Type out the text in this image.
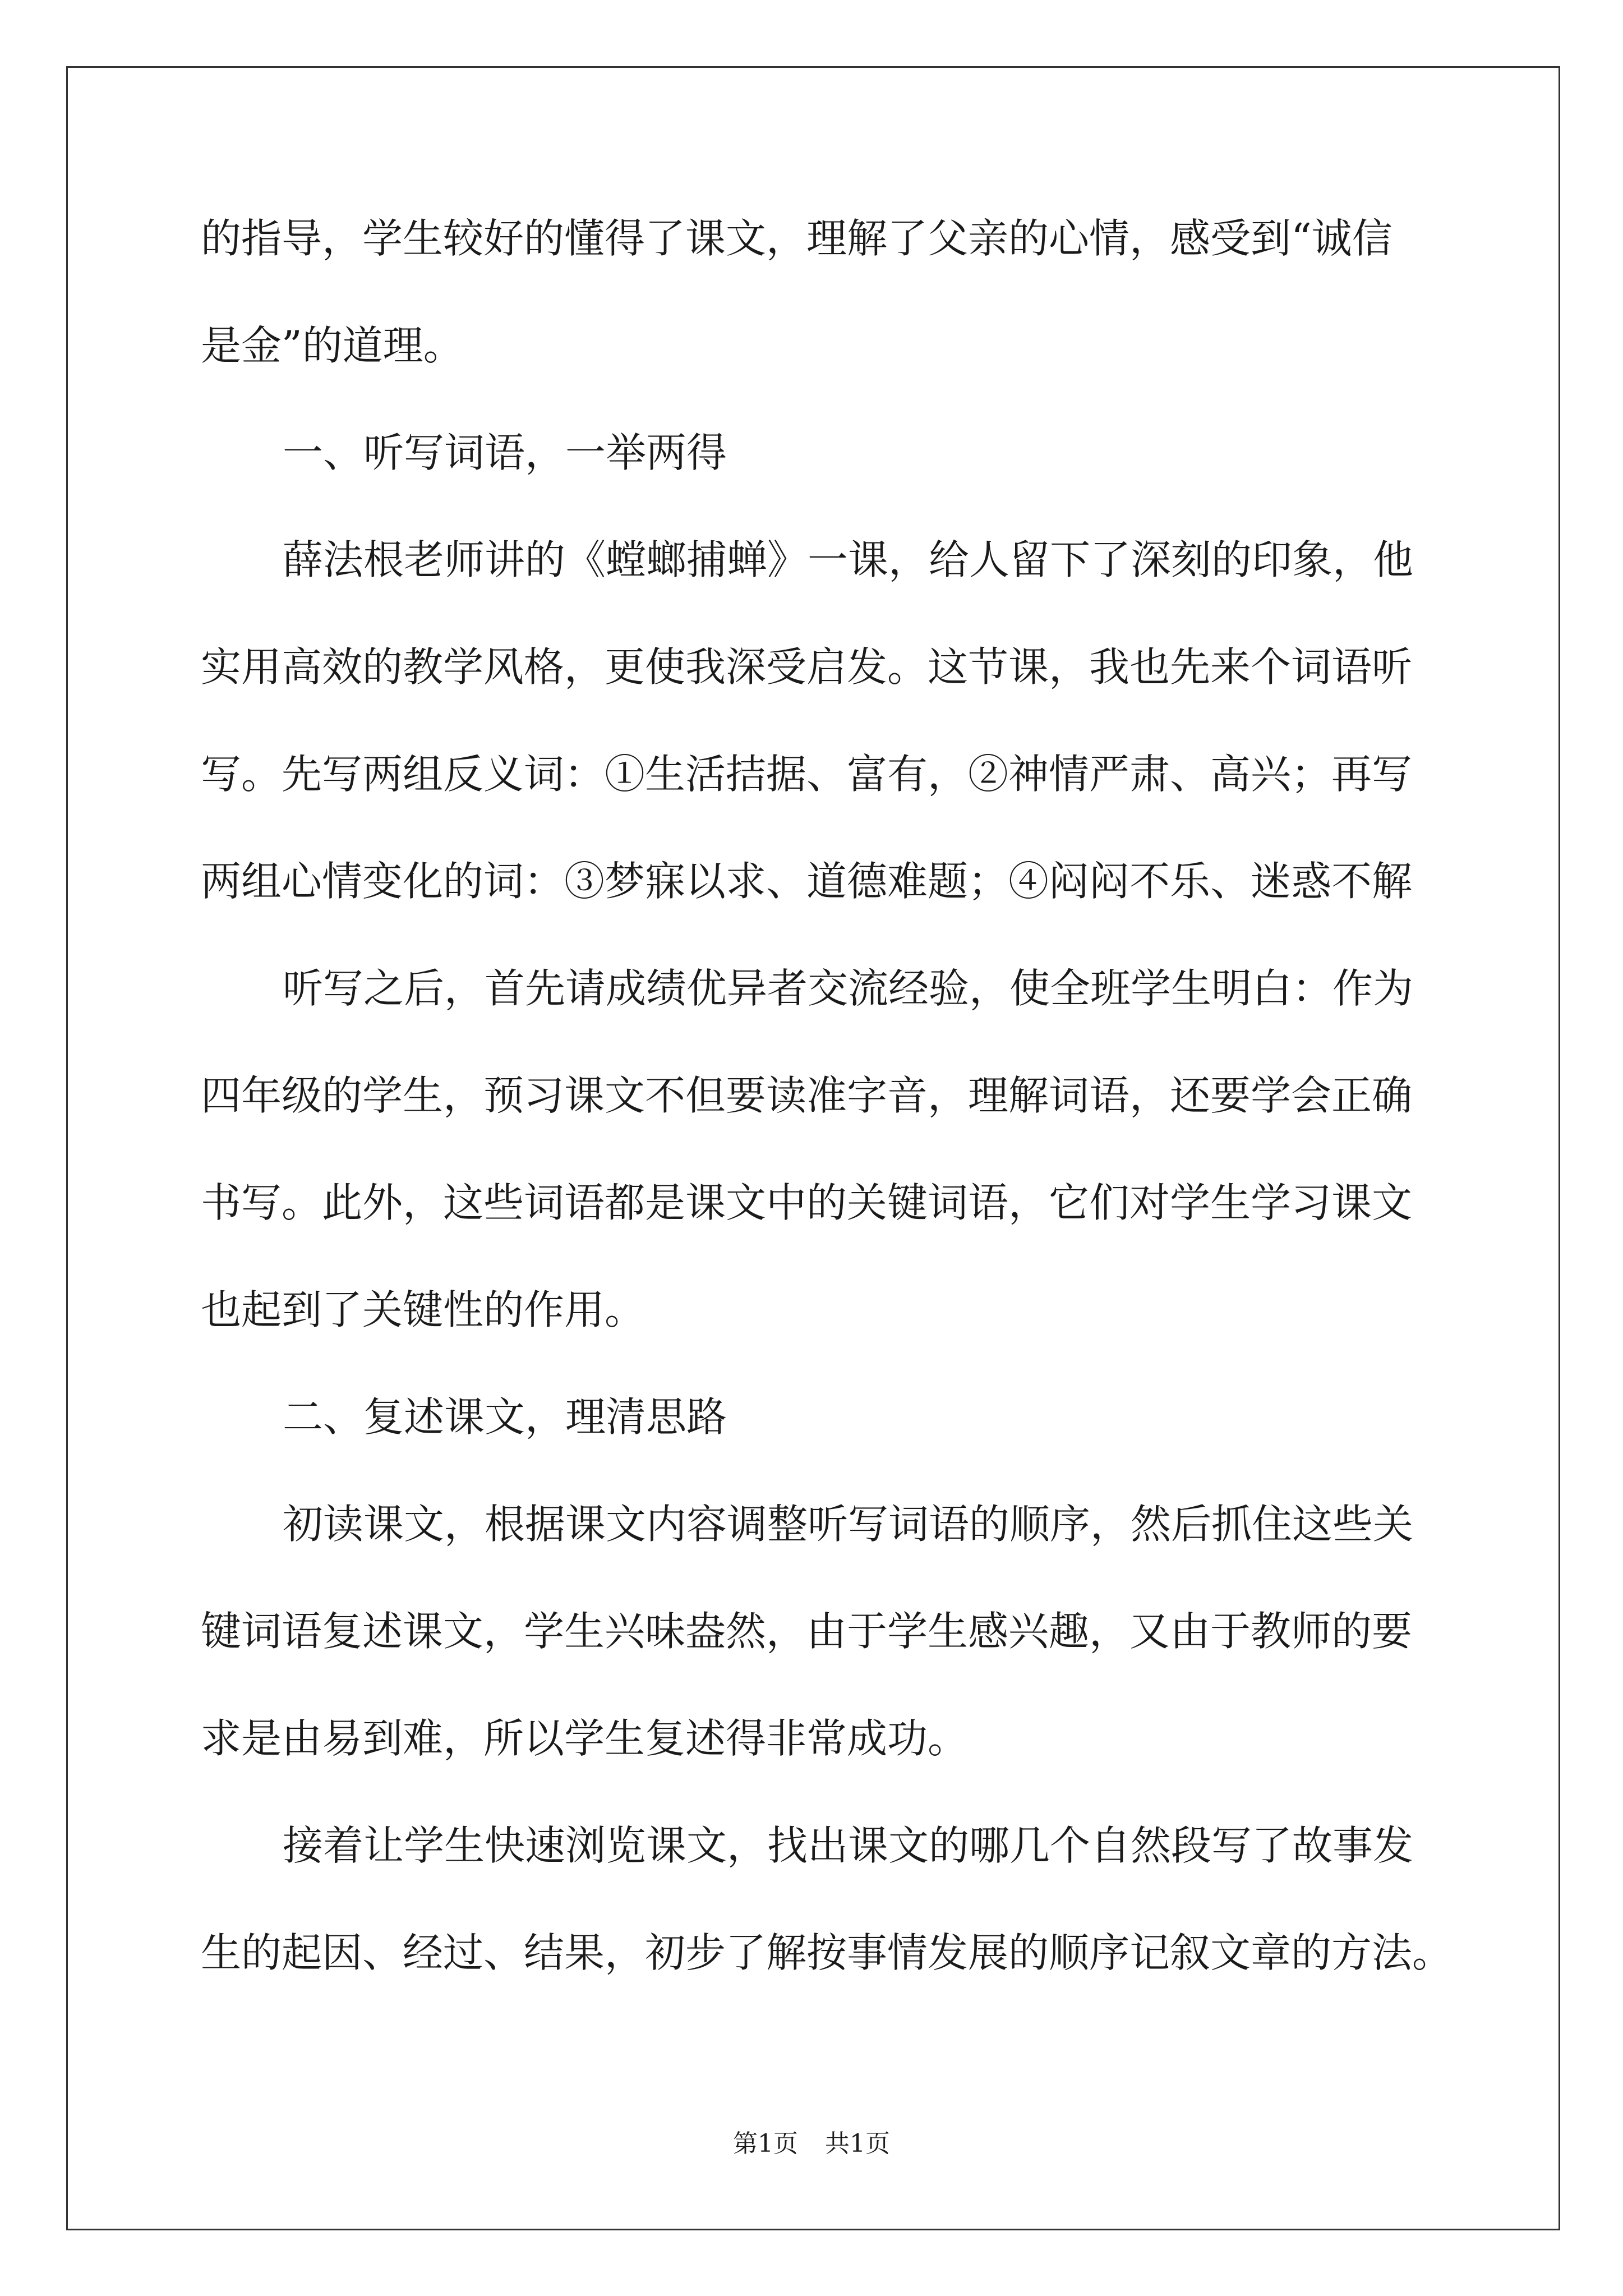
的指导，学生较好的懂得了课文，理解了父亲的心情，感受到“诚信
是金”的道理。
一、听写词语，一举两得
薛法根老师讲的《螳螂捕蝉》一课，给人留下了深刻的印象，他
实用高效的教学风格，更使我深受启发。这节课，我也先来个词语听
写。先写两组反义词：①生活拮据、富有，②神情严肃、高兴；再写
两组心情变化的词：③梦寐以求、道德难题；④闷闷不乐、迷惑不解
听写之后，首先请成绩优异者交流经验，使全班学生明白：作为
四年级的学生，预习课文不但要读准字音，理解词语，还要学会正确
书写。此外，这些词语都是课文中的关键词语，它们对学生学习课文
也起到了关键性的作用。
二、复述课文，理清思路
初读课文，根据课文内容调整听写词语的顺序，然后抓住这些关
键词语复述课文，学生兴味盎然，由于学生感兴趣，又由于教师的要
求是由易到难，所以学生复述得非常成功。
接着让学生快速浏览课文，找出课文的哪几个自然段写了故事发
生的起因、经过、结果，初步了解按事情发展的顺序记叙文章的方法。
第1页 共1页
